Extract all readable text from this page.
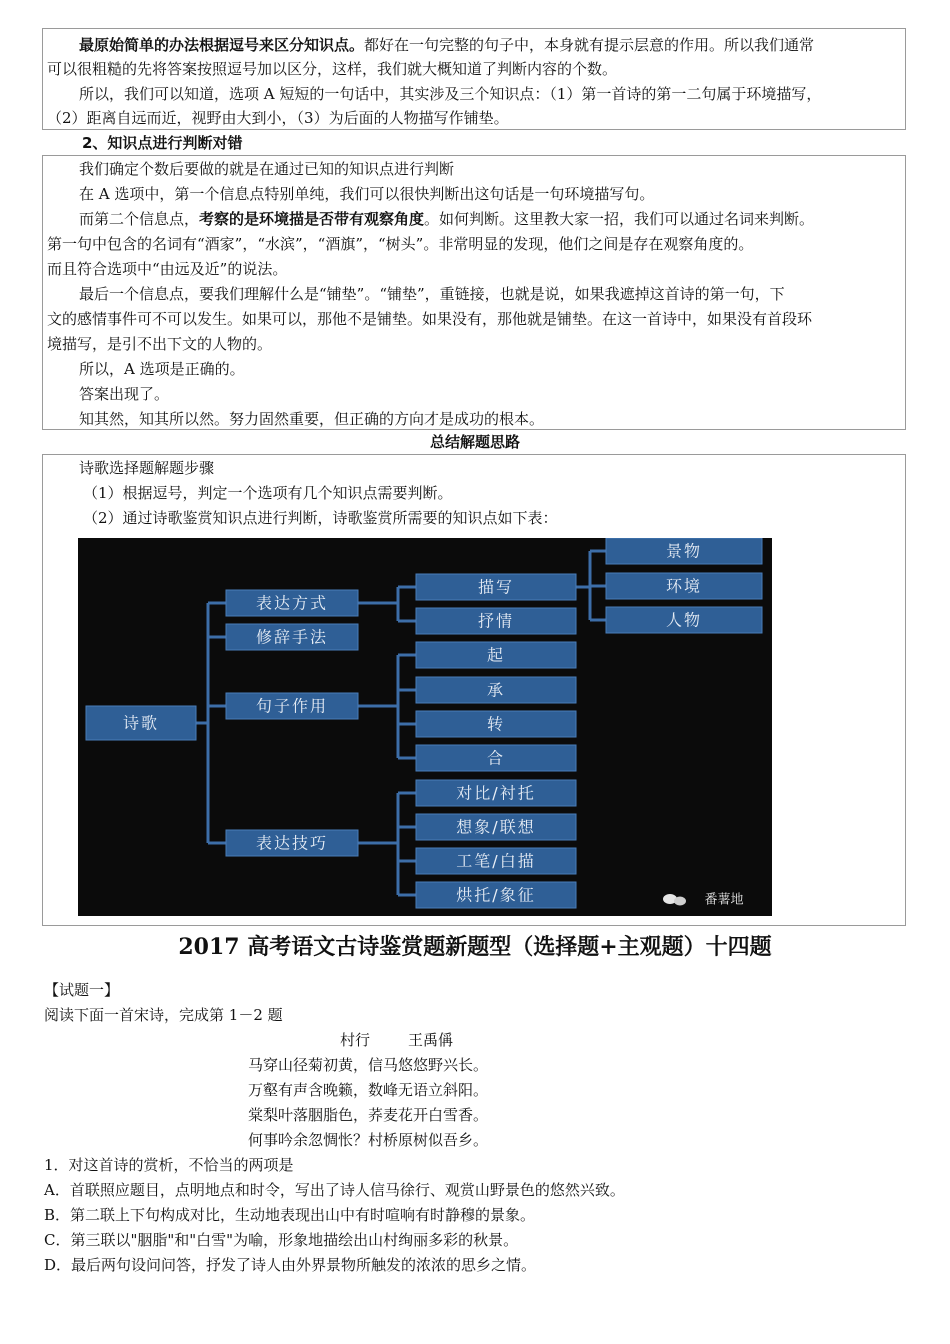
最原始简单的办法根据逗号来区分知识点。都好在一句完整的句子中，本身就有提示层意的作用。所以我们通常
可以很粗糙的先将答案按照逗号加以区分，这样，我们就大概知道了判断内容的个数。
所以，我们可以知道，选项 A 短短的一句话中，其实涉及三个知识点：（1）第一首诗的第一二句属于环境描写，
（2）距离自远而近，视野由大到小，（3）为后面的人物描写作铺垫。
2、知识点进行判断对错
我们确定个数后要做的就是在通过已知的知识点进行判断
在 A 选项中，第一个信息点特别单纯，我们可以很快判断出这句话是一句环境描写句。
而第二个信息点，考察的是环境描是否带有观察角度。如何判断。这里教大家一招，我们可以通过名词来判断。
第一句中包含的名词有“酒家”，“水滨”，“酒旗”，“树头”。非常明显的发现，他们之间是存在观察角度的。
而且符合选项中“由远及近”的说法。
最后一个信息点，要我们理解什么是“铺垫”。“铺垫”，重链接，也就是说，如果我遮掉这首诗的第一句，下
文的感情事件可不可以发生。如果可以，那他不是铺垫。如果没有，那他就是铺垫。在这一首诗中，如果没有首段环
境描写，是引不出下文的人物的。
所以，A 选项是正确的。
答案出现了。
知其然，知其所以然。努力固然重要，但正确的方向才是成功的根本。
总结解题思路
诗歌选择题解题步骤
（1）根据逗号，判定一个选项有几个知识点需要判断。
（2）通过诗歌鉴赏知识点进行判断，诗歌鉴赏所需要的知识点如下表：
诗歌
表达方式
修辞手法
句子作用
表达技巧
描写
抒情
起
承
转
合
对比/衬托
想象/联想
工笔/白描
烘托/象征
景物
环境
人物
番薯地
2017 高考语文古诗鉴赏题新题型（选择题+主观题）十四题
【试题一】
阅读下面一首宋诗，完成第 1－2 题
村行	王禹偁
马穿山径菊初黄，信马悠悠野兴长。
万壑有声含晚籁，数峰无语立斜阳。
棠梨叶落胭脂色，荞麦花开白雪香。
何事吟余忽惆怅？村桥原树似吾乡。
1．对这首诗的赏析，不恰当的两项是
A．首联照应题目，点明地点和时令，写出了诗人信马徐行、观赏山野景色的悠然兴致。
B．第二联上下句构成对比，生动地表现出山中有时喧响有时静穆的景象。
C．第三联以"胭脂"和"白雪"为喻，形象地描绘出山村绚丽多彩的秋景。
D．最后两句设问问答，抒发了诗人由外界景物所触发的浓浓的思乡之情。
